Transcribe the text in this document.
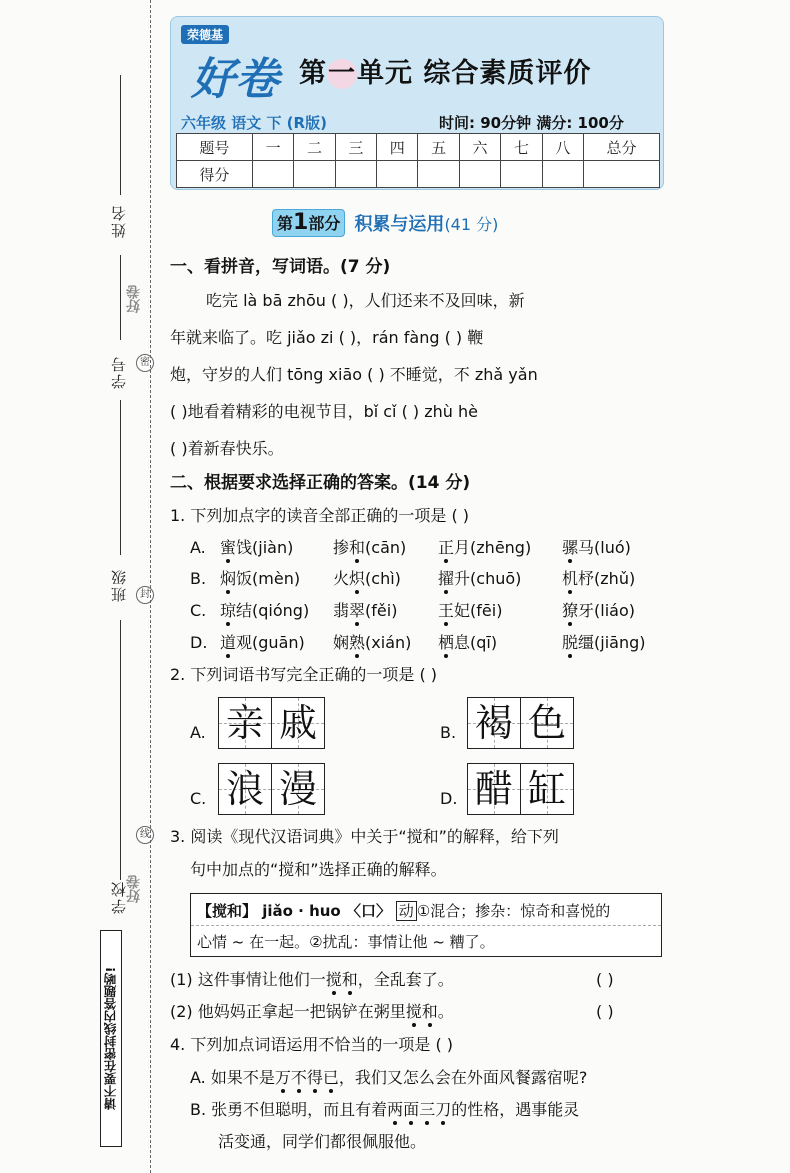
姓名
好卷
密
学号
班级	封
线
学校
好卷
请不要在密封线内答题哟!
荣德基
好卷 第一单元 综合素质评价
六年级 语文 下 (R版)	时间: 90分钟 满分: 100分
题号	一	二	三	四	五	六	七	八	总分
得分									
第1部分 积累与运用(41 分)
一、看拼音，写词语。(7 分)
吃完 là bā zhōu ( )，人们还来不及回味，新
年就来临了。吃 jiǎo zi ( )，rán fàng ( ) 鞭
炮，守岁的人们 tōng xiāo ( ) 不睡觉，不 zhǎ yǎn
( )地看着精彩的电视节目，bǐ cǐ ( ) zhù hè
( )着新春快乐。
二、根据要求选择正确的答案。(14 分)
1. 下列加点字的读音全部正确的一项是 ( )
A. 蜜饯(jiàn) 掺和(cān) 正月(zhēng) 骡马(luó)
B. 焖饭(mèn) 火炽(chì) 擢升(chuō)	机杼(zhǔ)
C. 琼结(qióng) 翡翠(fěi)	王妃(fēi)	獠牙(liáo)
D. 道观(guān) 娴熟(xián) 栖息(qī)	脱缰(jiāng)
2. 下列词语书写完全正确的一项是 ( )
A. 亲 戚	B. 褐 色
C. 浪 漫	D. 醋 缸
3. 阅读《现代汉语词典》中关于“搅和”的解释，给下列
句中加点的“搅和”选择正确的解释。
【搅和】 jiǎo · huo 〈口〉 动 ①混合；掺杂：惊奇和喜悦的
心情 ~ 在一起。②扰乱：事情让他 ~ 糟了。
(1) 这件事情让他们一搅和，全乱套了。	( )
(2) 他妈妈正拿起一把锅铲在粥里搅和。	( )
4. 下列加点词语运用不恰当的一项是 ( )
A. 如果不是万不得已，我们又怎么会在外面风餐露宿呢?
B. 张勇不但聪明，而且有着两面三刀的性格，遇事能灵
活变通，同学们都很佩服他。
